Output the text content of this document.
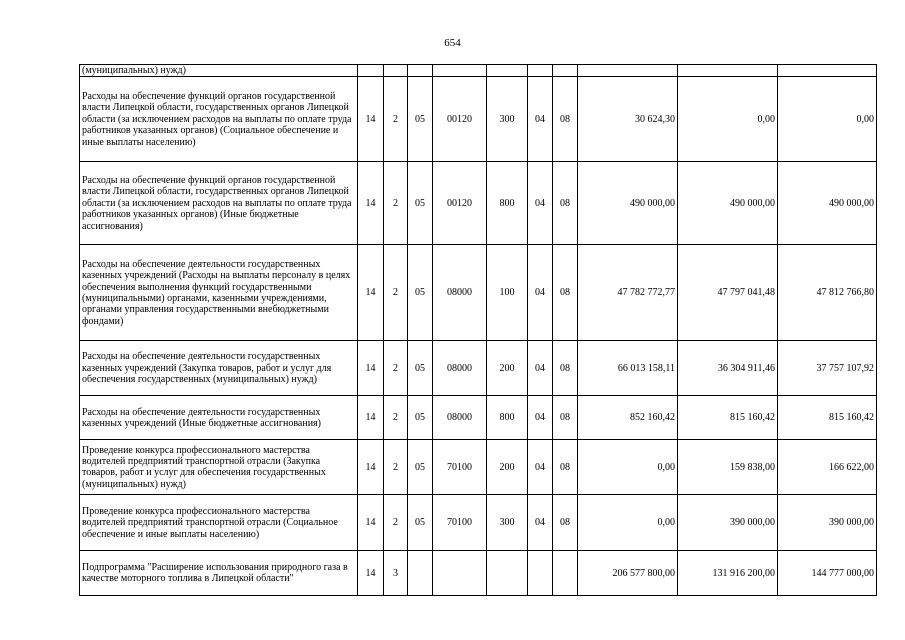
654
(муниципальных) нужд)										
Расходы на обеспечение функций органов государственной власти Липецкой области, государственных органов Липецкой области (за исключением расходов на выплаты по оплате труда работников указанных органов) (Социальное обеспечение и иные выплаты населению)	14	2	05	00120	300	04	08	30 624,30	0,00	0,00
Расходы на обеспечение функций органов государственной власти Липецкой области, государственных органов Липецкой области (за исключением расходов на выплаты по оплате труда работников указанных органов) (Иные бюджетные ассигнования)	14	2	05	00120	800	04	08	490 000,00	490 000,00	490 000,00
Расходы на обеспечение деятельности государственных казенных учреждений (Расходы на выплаты персоналу в целях обеспечения выполнения функций государственными (муниципальными) органами, казенными учреждениями, органами управления государственными внебюджетными фондами)	14	2	05	08000	100	04	08	47 782 772,77	47 797 041,48	47 812 766,80
Расходы на обеспечение деятельности государственных казенных учреждений (Закупка товаров, работ и услуг для обеспечения государственных (муниципальных) нужд)	14	2	05	08000	200	04	08	66 013 158,11	36 304 911,46	37 757 107,92
Расходы на обеспечение деятельности государственных казенных учреждений (Иные бюджетные ассигнования)	14	2	05	08000	800	04	08	852 160,42	815 160,42	815 160,42
Проведение конкурса профессионального мастерства водителей предприятий транспортной отрасли (Закупка товаров, работ и услуг для обеспечения государственных (муниципальных) нужд)	14	2	05	70100	200	04	08	0,00	159 838,00	166 622,00
Проведение конкурса профессионального мастерства водителей предприятий транспортной отрасли (Социальное обеспечение и иные выплаты населению)	14	2	05	70100	300	04	08	0,00	390 000,00	390 000,00
Подпрограмма "Расширение использования природного газа в качестве моторного топлива в Липецкой области"	14	3						206 577 800,00	131 916 200,00	144 777 000,00
